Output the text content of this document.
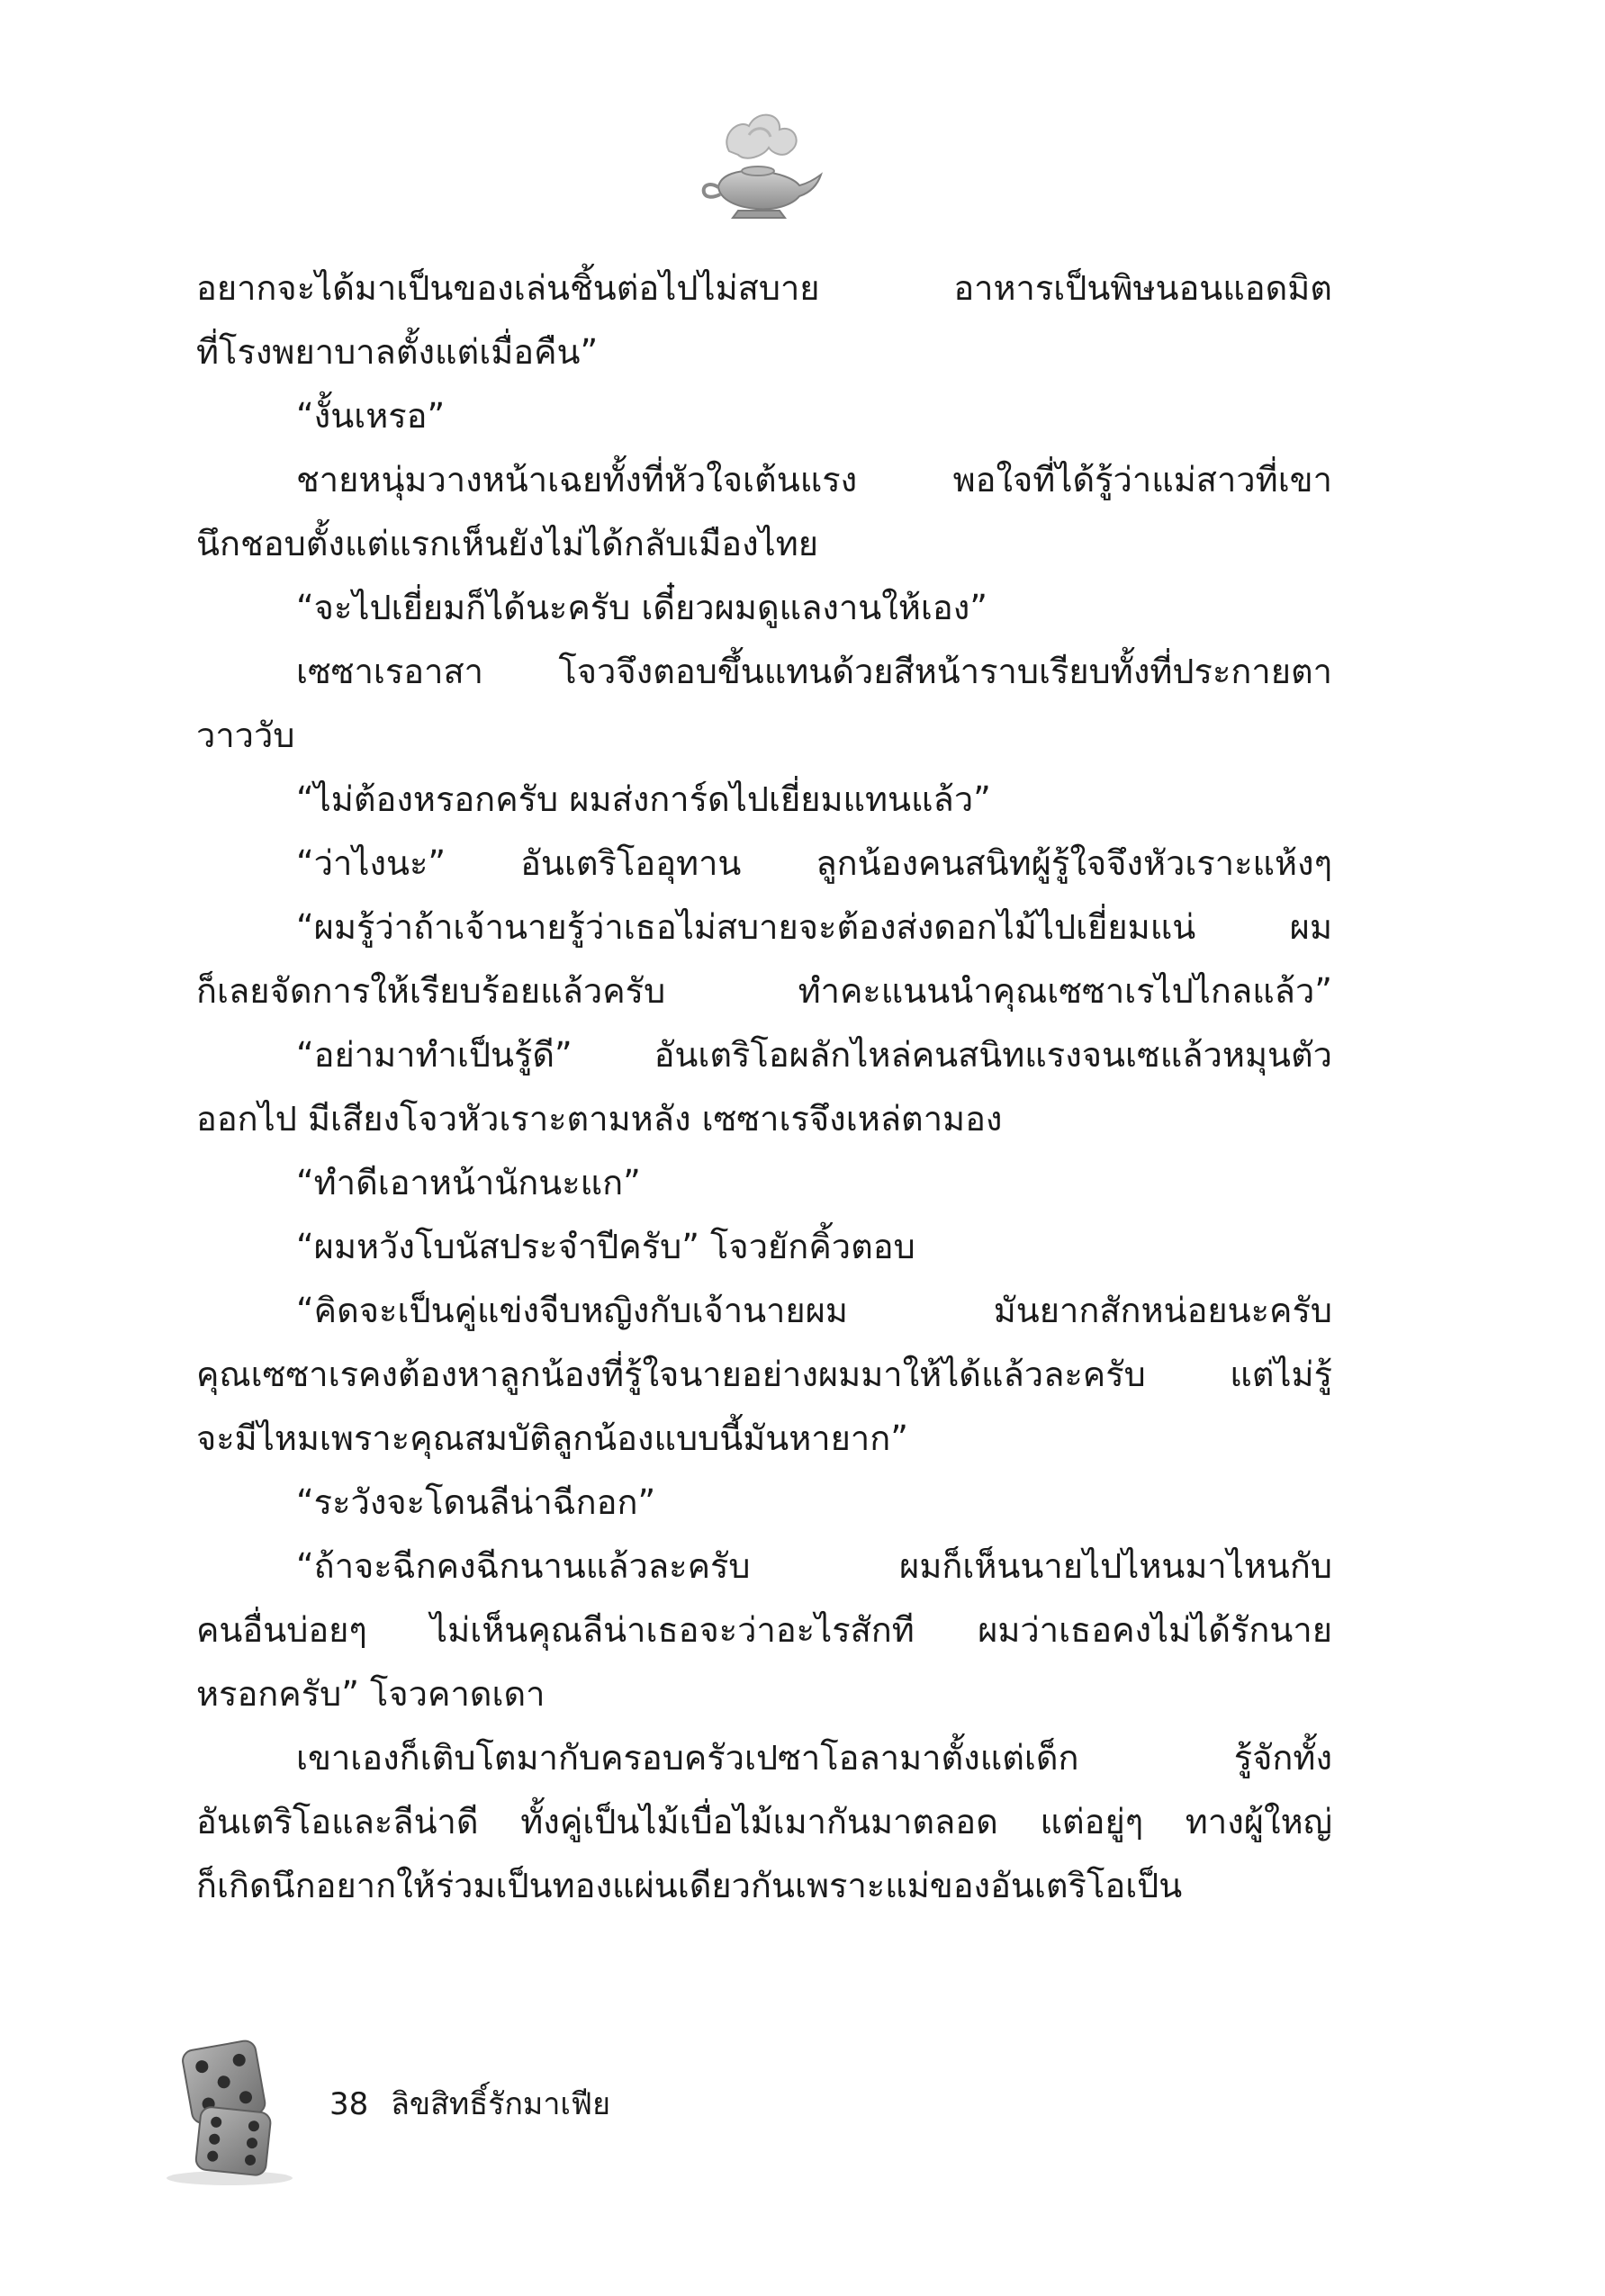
อยากจะได้มาเป็นของเล่นชิ้นต่อไปไม่สบาย อาหารเป็นพิษนอนแอดมิต
ที่โรงพยาบาลตั้งแต่เมื่อคืน”
“งั้นเหรอ”
ชายหนุ่มวางหน้าเฉยทั้งที่หัวใจเต้นแรง พอใจที่ได้รู้ว่าแม่สาวที่เขา
นึกชอบตั้งแต่แรกเห็นยังไม่ได้กลับเมืองไทย
“จะไปเยี่ยมก็ได้นะครับ เดี๋ยวผมดูแลงานให้เอง”
เซซาเรอาสา โจวจึงตอบขึ้นแทนด้วยสีหน้าราบเรียบทั้งที่ประกายตา
วาววับ
“ไม่ต้องหรอกครับ ผมส่งการ์ดไปเยี่ยมแทนแล้ว”
“ว่าไงนะ” อันเตริโออุทาน ลูกน้องคนสนิทผู้รู้ใจจึงหัวเราะแห้งๆ
“ผมรู้ว่าถ้าเจ้านายรู้ว่าเธอไม่สบายจะต้องส่งดอกไม้ไปเยี่ยมแน่ ผม
ก็เลยจัดการให้เรียบร้อยแล้วครับ ทำคะแนนนำคุณเซซาเรไปไกลแล้ว”
“อย่ามาทำเป็นรู้ดี” อันเตริโอผลักไหล่คนสนิทแรงจนเซแล้วหมุนตัว
ออกไป มีเสียงโจวหัวเราะตามหลัง เซซาเรจึงเหล่ตามอง
“ทำดีเอาหน้านักนะแก”
“ผมหวังโบนัสประจำปีครับ” โจวยักคิ้วตอบ
“คิดจะเป็นคู่แข่งจีบหญิงกับเจ้านายผม มันยากสักหน่อยนะครับ
คุณเซซาเรคงต้องหาลูกน้องที่รู้ใจนายอย่างผมมาให้ได้แล้วละครับ แต่ไม่รู้
จะมีไหมเพราะคุณสมบัติลูกน้องแบบนี้มันหายาก”
“ระวังจะโดนลีน่าฉีกอก”
“ถ้าจะฉีกคงฉีกนานแล้วละครับ ผมก็เห็นนายไปไหนมาไหนกับ
คนอื่นบ่อยๆ ไม่เห็นคุณลีน่าเธอจะว่าอะไรสักที ผมว่าเธอคงไม่ได้รักนาย
หรอกครับ” โจวคาดเดา
เขาเองก็เติบโตมากับครอบครัวเปซาโอลามาตั้งแต่เด็ก รู้จักทั้ง
อันเตริโอและลีน่าดี ทั้งคู่เป็นไม้เบื่อไม้เมากันมาตลอด แต่อยู่ๆ ทางผู้ใหญ่
ก็เกิดนึกอยากให้ร่วมเป็นทองแผ่นเดียวกันเพราะแม่ของอันเตริโอเป็น
38 ลิขสิทธิ์รักมาเฟีย
